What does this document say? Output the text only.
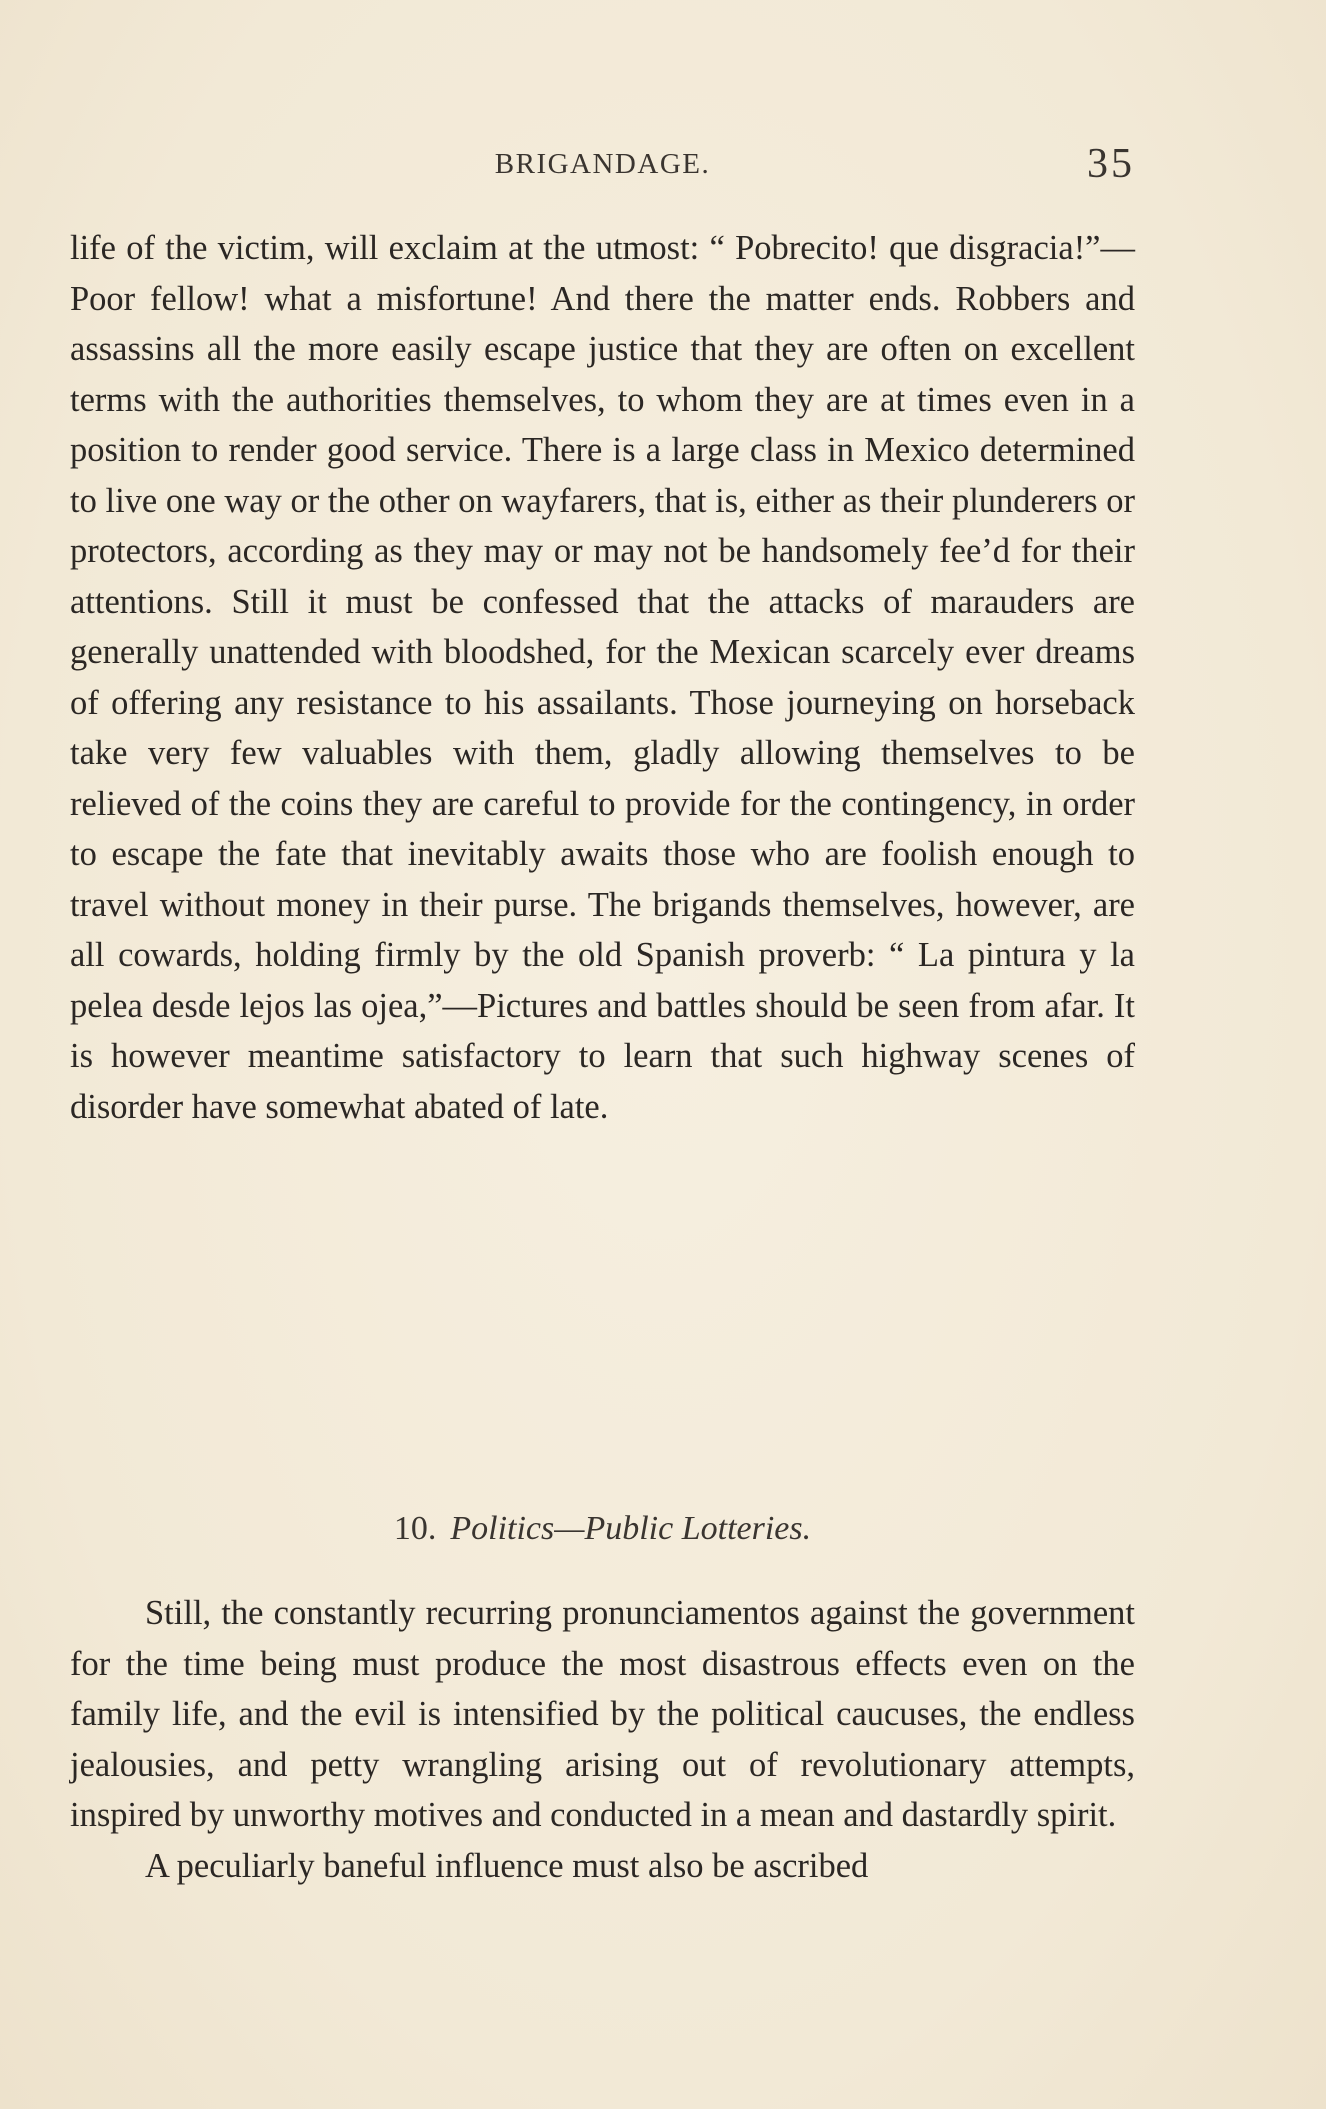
BRIGANDAGE.	35

life of the victim, will exclaim at the utmost: “ Pobrecito! que disgracia!”—Poor fellow! what a misfortune! And there the matter ends. Robbers and assassins all the more easily escape justice that they are often on excellent terms with the authorities themselves, to whom they are at times even in a position to render good service. There is a large class in Mexico determined to live one way or the other on wayfarers, that is, either as their plunderers or protectors, according as they may or may not be handsomely fee’d for their attentions. Still it must be confessed that the attacks of marauders are generally unattended with bloodshed, for the Mexican scarcely ever dreams of offering any resistance to his assailants. Those journeying on horseback take very few valuables with them, gladly allowing themselves to be relieved of the coins they are careful to provide for the contingency, in order to escape the fate that inevitably awaits those who are foolish enough to travel without money in their purse. The brigands themselves, however, are all cowards, holding firmly by the old Spanish proverb: “ La pintura y la pelea desde lejos las ojea,”—Pictures and battles should be seen from afar. It is however meantime satisfactory to learn that such highway scenes of disorder have somewhat abated of late.

10. Politics—Public Lotteries.

Still, the constantly recurring pronunciamentos against the government for the time being must produce the most disastrous effects even on the family life, and the evil is intensified by the political caucuses, the endless jealousies, and petty wrangling arising out of revolutionary attempts, inspired by unworthy motives and conducted in a mean and dastardly spirit.

A peculiarly baneful influence must also be ascribed
